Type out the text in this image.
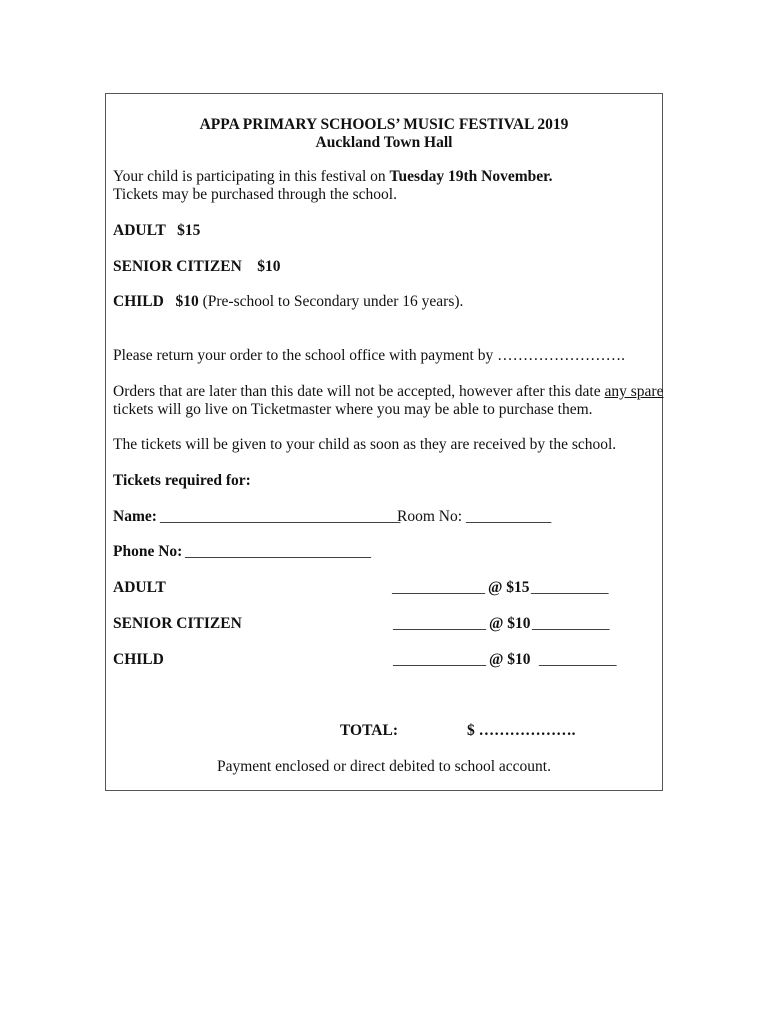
APPA PRIMARY SCHOOLS’ MUSIC FESTIVAL 2019
Auckland Town Hall
Your child is participating in this festival on Tuesday 19th November.
Tickets may be purchased through the school.
ADULT   $15
SENIOR CITIZEN    $10
CHILD   $10 (Pre-school to Secondary under 16 years).
Please return your order to the school office with payment by …………………….
Orders that are later than this date will not be accepted, however after this date any spare
tickets will go live on Ticketmaster where you may be able to purchase them.
The tickets will be given to your child as soon as they are received by the school.
Tickets required for:
Name: _______________________________
Room No: ___________
Phone No: ________________________
ADULT	____________ @ $15 __________
SENIOR CITIZEN	____________ @ $10 __________
CHILD	____________ @ $10 __________
TOTAL:	$ ……………….
Payment enclosed or direct debited to school account.
